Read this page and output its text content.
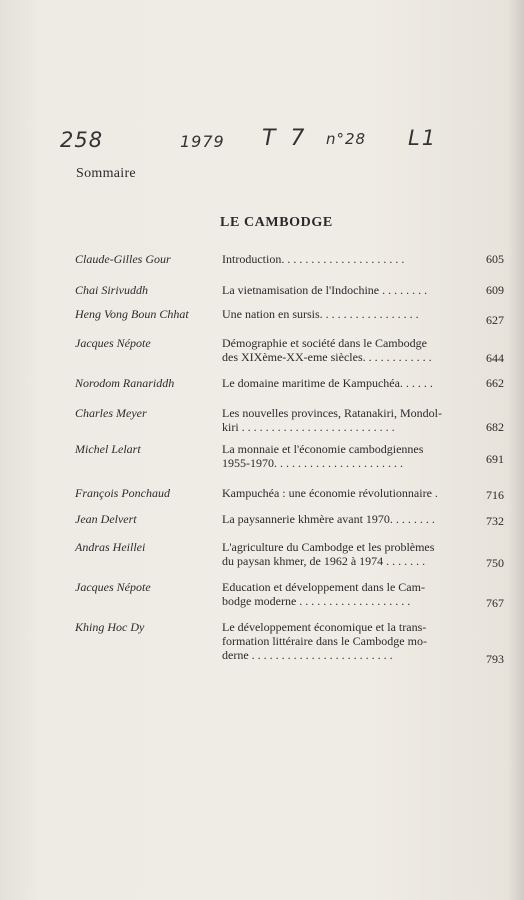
258	1979 T 7 n°28 L1
Sommaire
LE CAMBODGE
Claude-Gilles Gour	Introduction. . . . . . . . . . . . . . . . . . . . .	605
Chai Sirivuddh	La vietnamisation de l'Indochine . . . . . . . .	609
Heng Vong Boun Chhat	Une nation en sursis. . . . . . . . . . . . . . . . .	627
Jacques Népote	Démographie et société dans le Cambodge
des XIXème-XX-eme siècles. . . . . . . . . . . .	644
Norodom Ranariddh	Le domaine maritime de Kampuchéa. . . . . .	662
Charles Meyer	Les nouvelles provinces, Ratanakiri, Mondol-
kiri . . . . . . . . . . . . . . . . . . . . . . . . . .	682
Michel Lelart	La monnaie et l'économie cambodgiennes
1955-1970. . . . . . . . . . . . . . . . . . . . . .	691
François Ponchaud	Kampuchéa : une économie révolutionnaire .	716
Jean Delvert	La paysannerie khmère avant 1970. . . . . . . .	732
Andras Heillei	L'agriculture du Cambodge et les problèmes
du paysan khmer, de 1962 à 1974 . . . . . . .	750
Jacques Népote	Education et développement dans le Cam-
bodge moderne . . . . . . . . . . . . . . . . . . .	767
Khing Hoc Dy	Le développement économique et la trans-
formation littéraire dans le Cambodge mo-
derne . . . . . . . . . . . . . . . . . . . . . . . .	793
